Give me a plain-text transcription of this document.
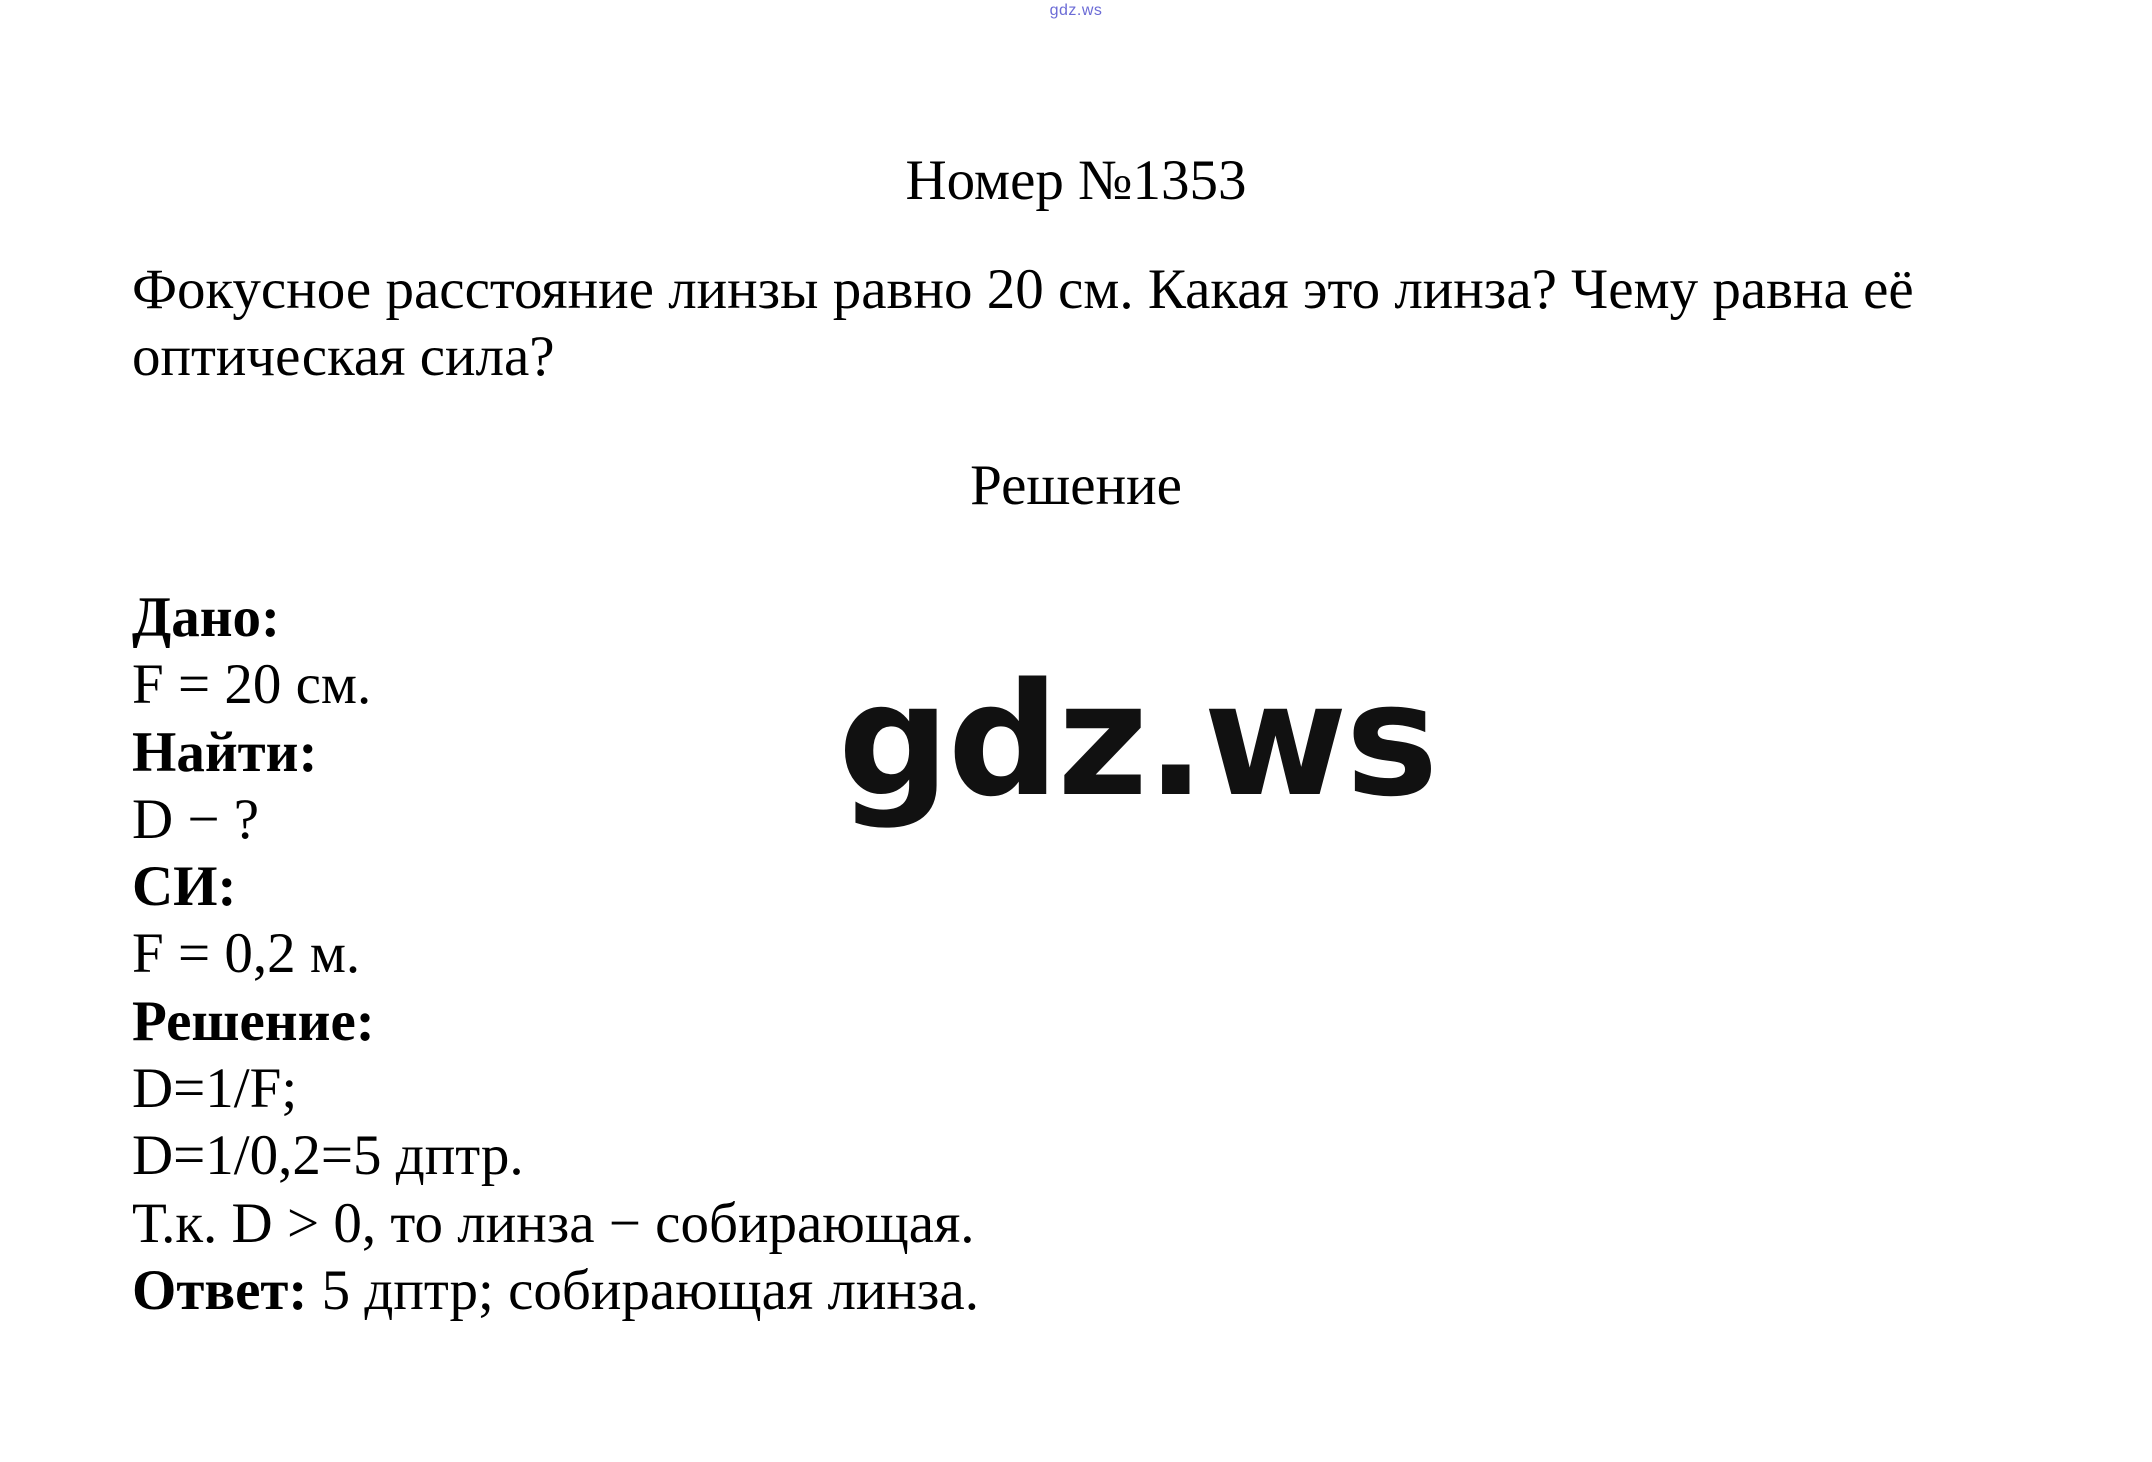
gdz.ws
Номер №1353
Фокусное расстояние линзы равно 20 см. Какая это линза? Чему равна её
оптическая сила?
Решение
Дано:
F = 20 см.
Найти:
D − ?
СИ:
F = 0,2 м.
Решение:
D=1/F;
D=1/0,2=5 дптр.
Т.к. D > 0, то линза − собирающая.
Ответ: 5 дптр; собирающая линза.
gdz.ws
